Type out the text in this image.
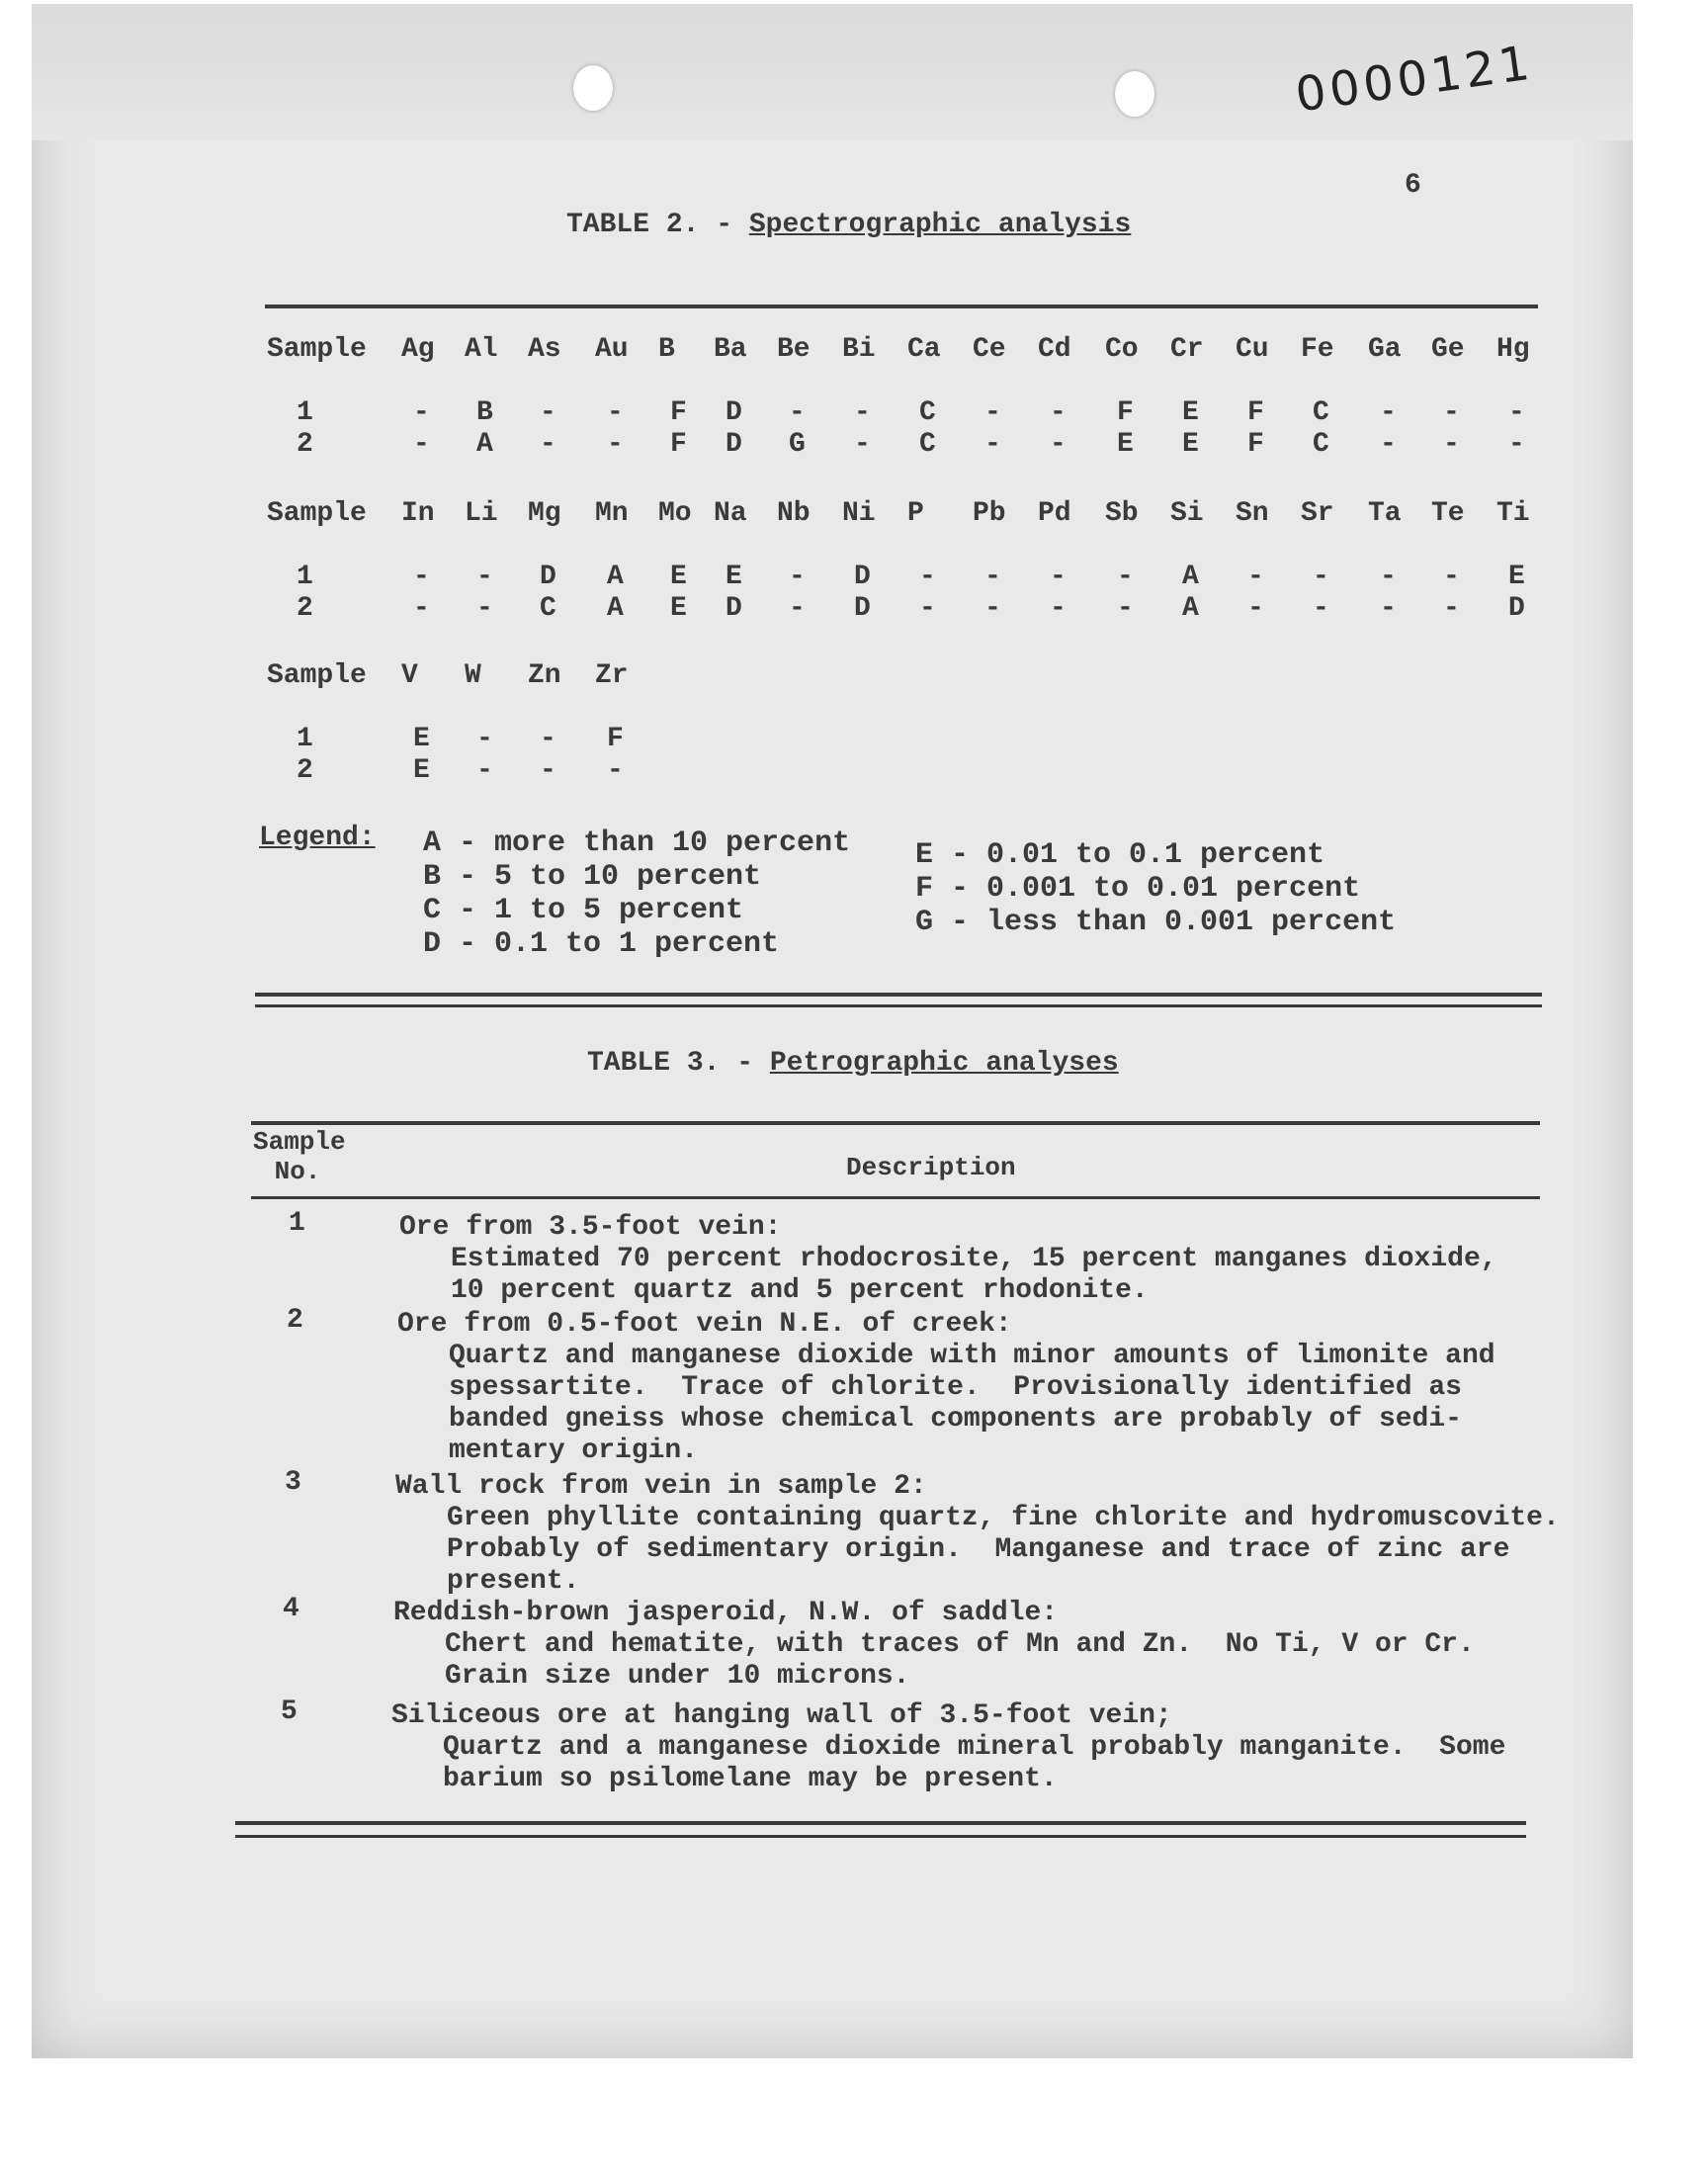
0000121
6
TABLE 2. - Spectrographic analysis
Sample Ag Al As Au B Ba Be Bi Ca Ce Cd Co Cr Cu Fe Ga Ge Hg
1	- B - - F D - - C - - F E F C - - -
2	- A - - F D G - C - - E E F C - - -
Sample In Li Mg Mn Mo Na Nb Ni P Pb Pd Sb Si Sn Sr Ta Te Ti
1	- - D A E E - D - - - - A - - - - E
2	- - C A E D - D - - - - A - - - - D
Sample V W Zn Zr
1	E - - F
2	E - - -
Legend: A - more than 10 percent
B - 5 to 10 percent
C - 1 to 5 percent
D - 0.1 to 1 percent
E - 0.01 to 0.1 percent
F - 0.001 to 0.01 percent
G - less than 0.001 percent
TABLE 3. - Petrographic analyses
Sample
No.	Description
1	Ore from 3.5-foot vein:
Estimated 70 percent rhodocrosite, 15 percent manganes dioxide,
10 percent quartz and 5 percent rhodonite.
2	Ore from 0.5-foot vein N.E. of creek:
Quartz and manganese dioxide with minor amounts of limonite and
spessartite.  Trace of chlorite.  Provisionally identified as
banded gneiss whose chemical components are probably of sedi-
mentary origin.
3	Wall rock from vein in sample 2:
Green phyllite containing quartz, fine chlorite and hydromuscovite.
Probably of sedimentary origin.  Manganese and trace of zinc are
present.
4	Reddish-brown jasperoid, N.W. of saddle:
Chert and hematite, with traces of Mn and Zn.  No Ti, V or Cr.
Grain size under 10 microns.
5	Siliceous ore at hanging wall of 3.5-foot vein;
Quartz and a manganese dioxide mineral probably manganite.  Some
barium so psilomelane may be present.
